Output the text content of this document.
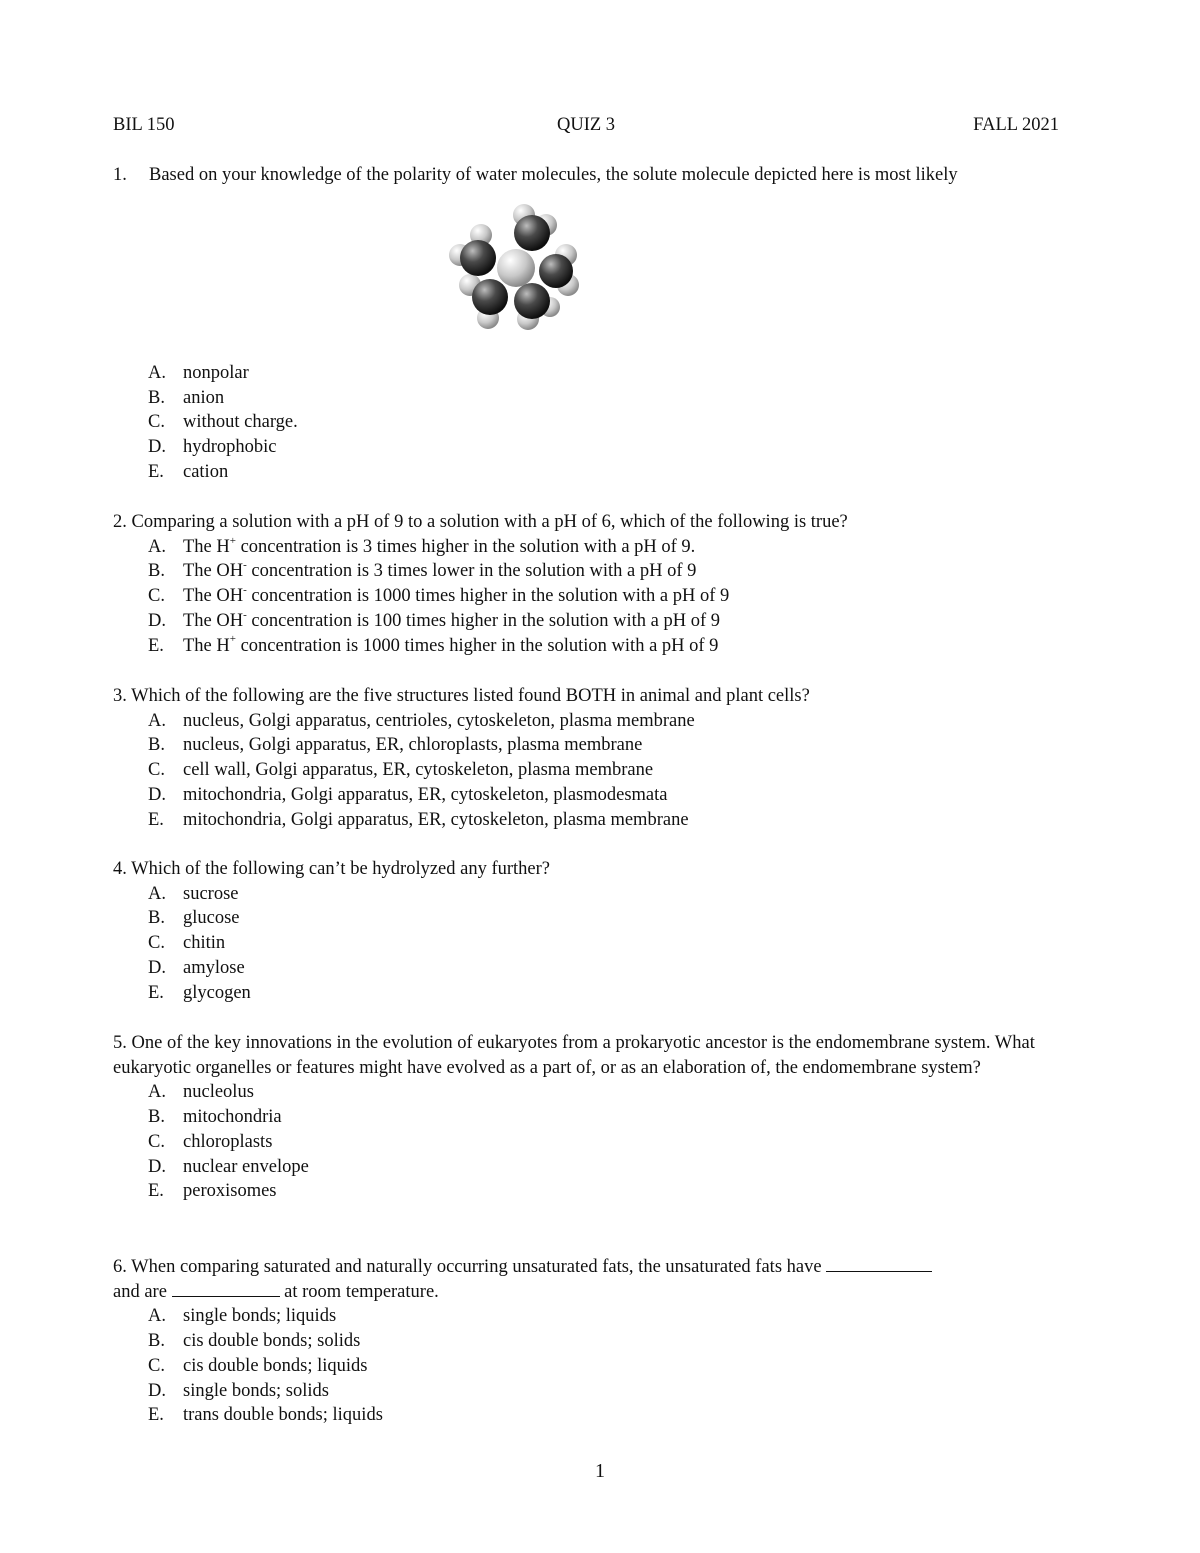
BIL 150	QUIZ 3	FALL 2021
1. Based on your knowledge of the polarity of water molecules, the solute molecule depicted here is most likely
A. nonpolar
B. anion
C. without charge.
D. hydrophobic
E. cation
2. Comparing a solution with a pH of 9 to a solution with a pH of 6, which of the following is true?
A. The H+ concentration is 3 times higher in the solution with a pH of 9.
B. The OH- concentration is 3 times lower in the solution with a pH of 9
C. The OH- concentration is 1000 times higher in the solution with a pH of 9
D. The OH- concentration is 100 times higher in the solution with a pH of 9
E. The H+ concentration is 1000 times higher in the solution with a pH of 9
3. Which of the following are the five structures listed found BOTH in animal and plant cells?
A. nucleus, Golgi apparatus, centrioles, cytoskeleton, plasma membrane
B. nucleus, Golgi apparatus, ER, chloroplasts, plasma membrane
C. cell wall, Golgi apparatus, ER, cytoskeleton, plasma membrane
D. mitochondria, Golgi apparatus, ER, cytoskeleton, plasmodesmata
E. mitochondria, Golgi apparatus, ER, cytoskeleton, plasma membrane
4. Which of the following can’t be hydrolyzed any further?
A. sucrose
B. glucose
C. chitin
D. amylose
E. glycogen
5. One of the key innovations in the evolution of eukaryotes from a prokaryotic ancestor is the endomembrane system. What eukaryotic organelles or features might have evolved as a part of, or as an elaboration of, the endomembrane system?
A. nucleolus
B. mitochondria
C. chloroplasts
D. nuclear envelope
E. peroxisomes
6. When comparing saturated and naturally occurring unsaturated fats, the unsaturated fats have
and are	at room temperature.
A. single bonds; liquids
B. cis double bonds; solids
C. cis double bonds; liquids
D. single bonds; solids
E. trans double bonds; liquids
1
